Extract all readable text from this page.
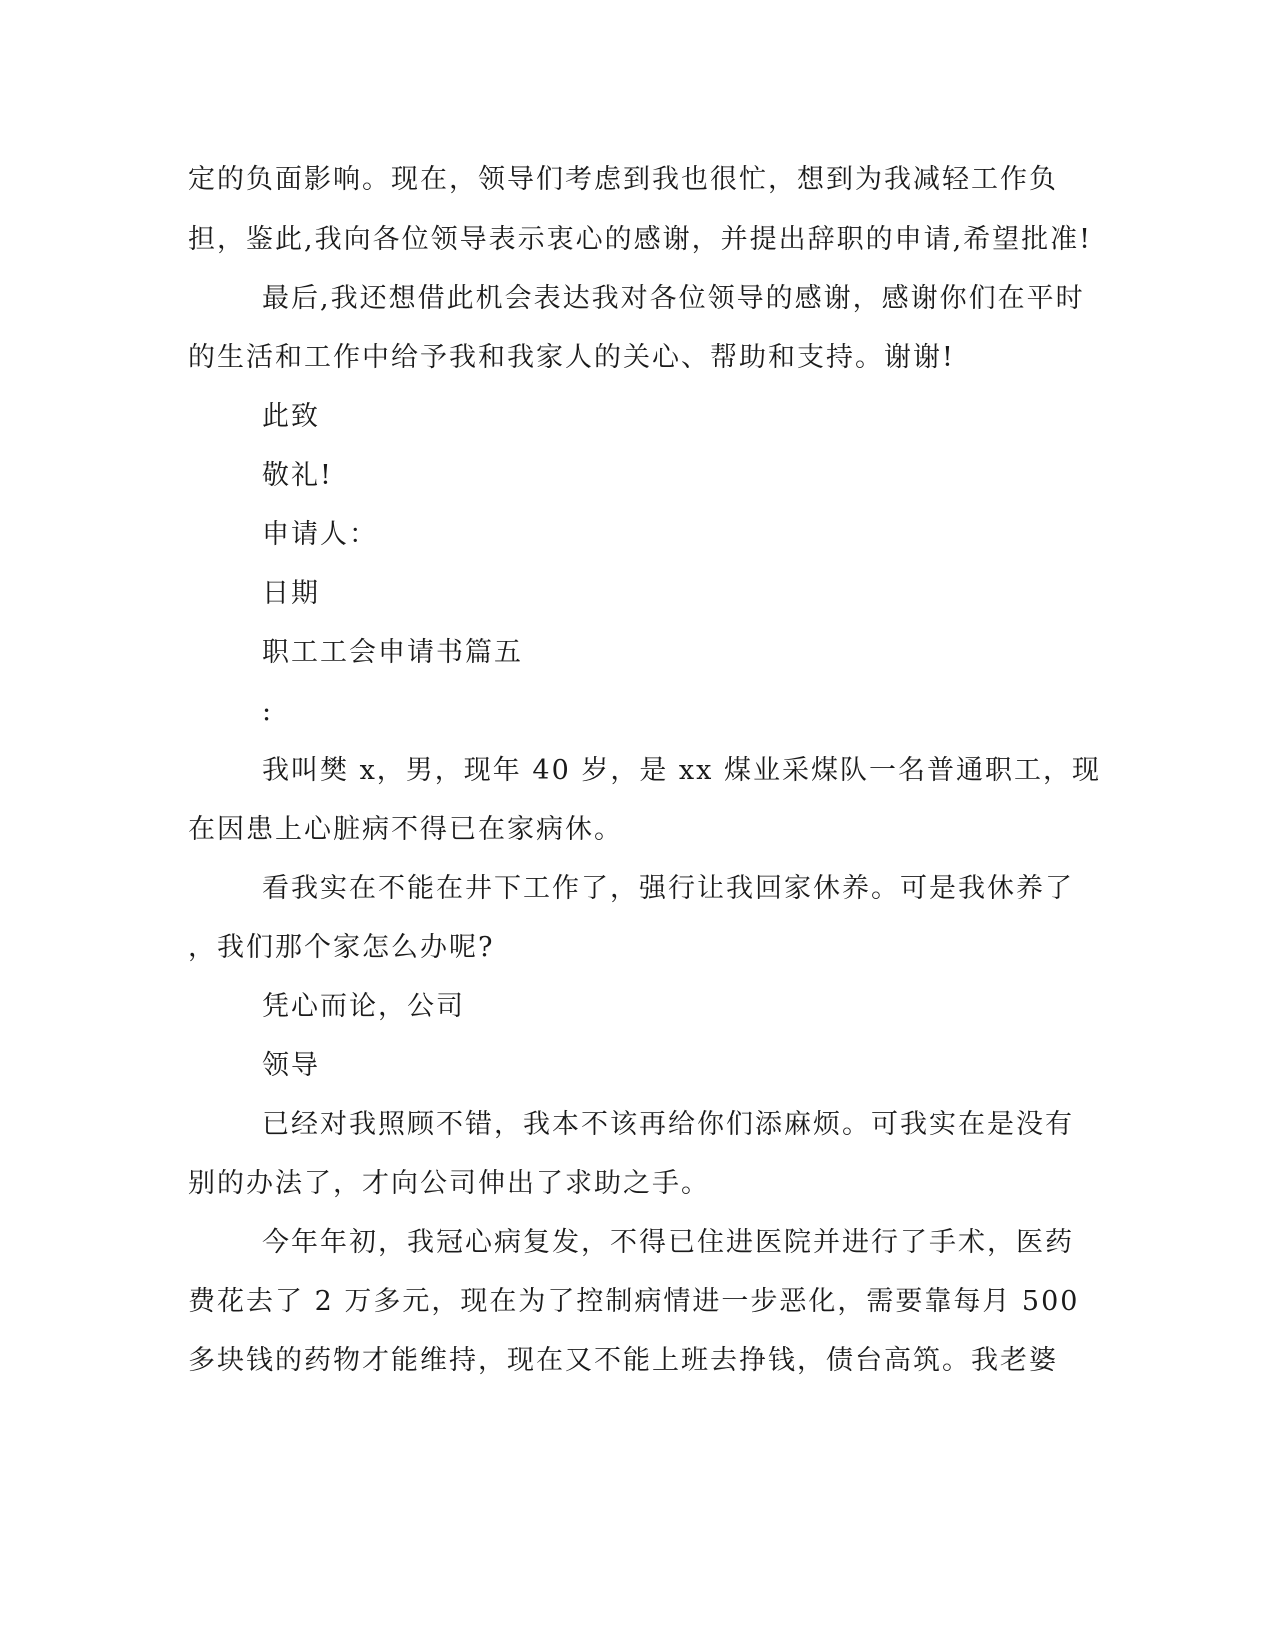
定的负面影响。现在，领导们考虑到我也很忙，想到为我减轻工作负
担，鉴此,我向各位领导表示衷心的感谢，并提出辞职的申请,希望批准!
最后,我还想借此机会表达我对各位领导的感谢，感谢你们在平时
的生活和工作中给予我和我家人的关心、帮助和支持。谢谢!
此致
敬礼!
申请人：
日期
职工工会申请书篇五
:
我叫樊 x，男，现年 40 岁，是 xx 煤业采煤队一名普通职工，现
在因患上心脏病不得已在家病休。
看我实在不能在井下工作了，强行让我回家休养。可是我休养了
，我们那个家怎么办呢?
凭心而论，公司
领导
已经对我照顾不错，我本不该再给你们添麻烦。可我实在是没有
别的办法了，才向公司伸出了求助之手。
今年年初，我冠心病复发，不得已住进医院并进行了手术，医药
费花去了 2 万多元，现在为了控制病情进一步恶化，需要靠每月 500
多块钱的药物才能维持，现在又不能上班去挣钱，债台高筑。我老婆
